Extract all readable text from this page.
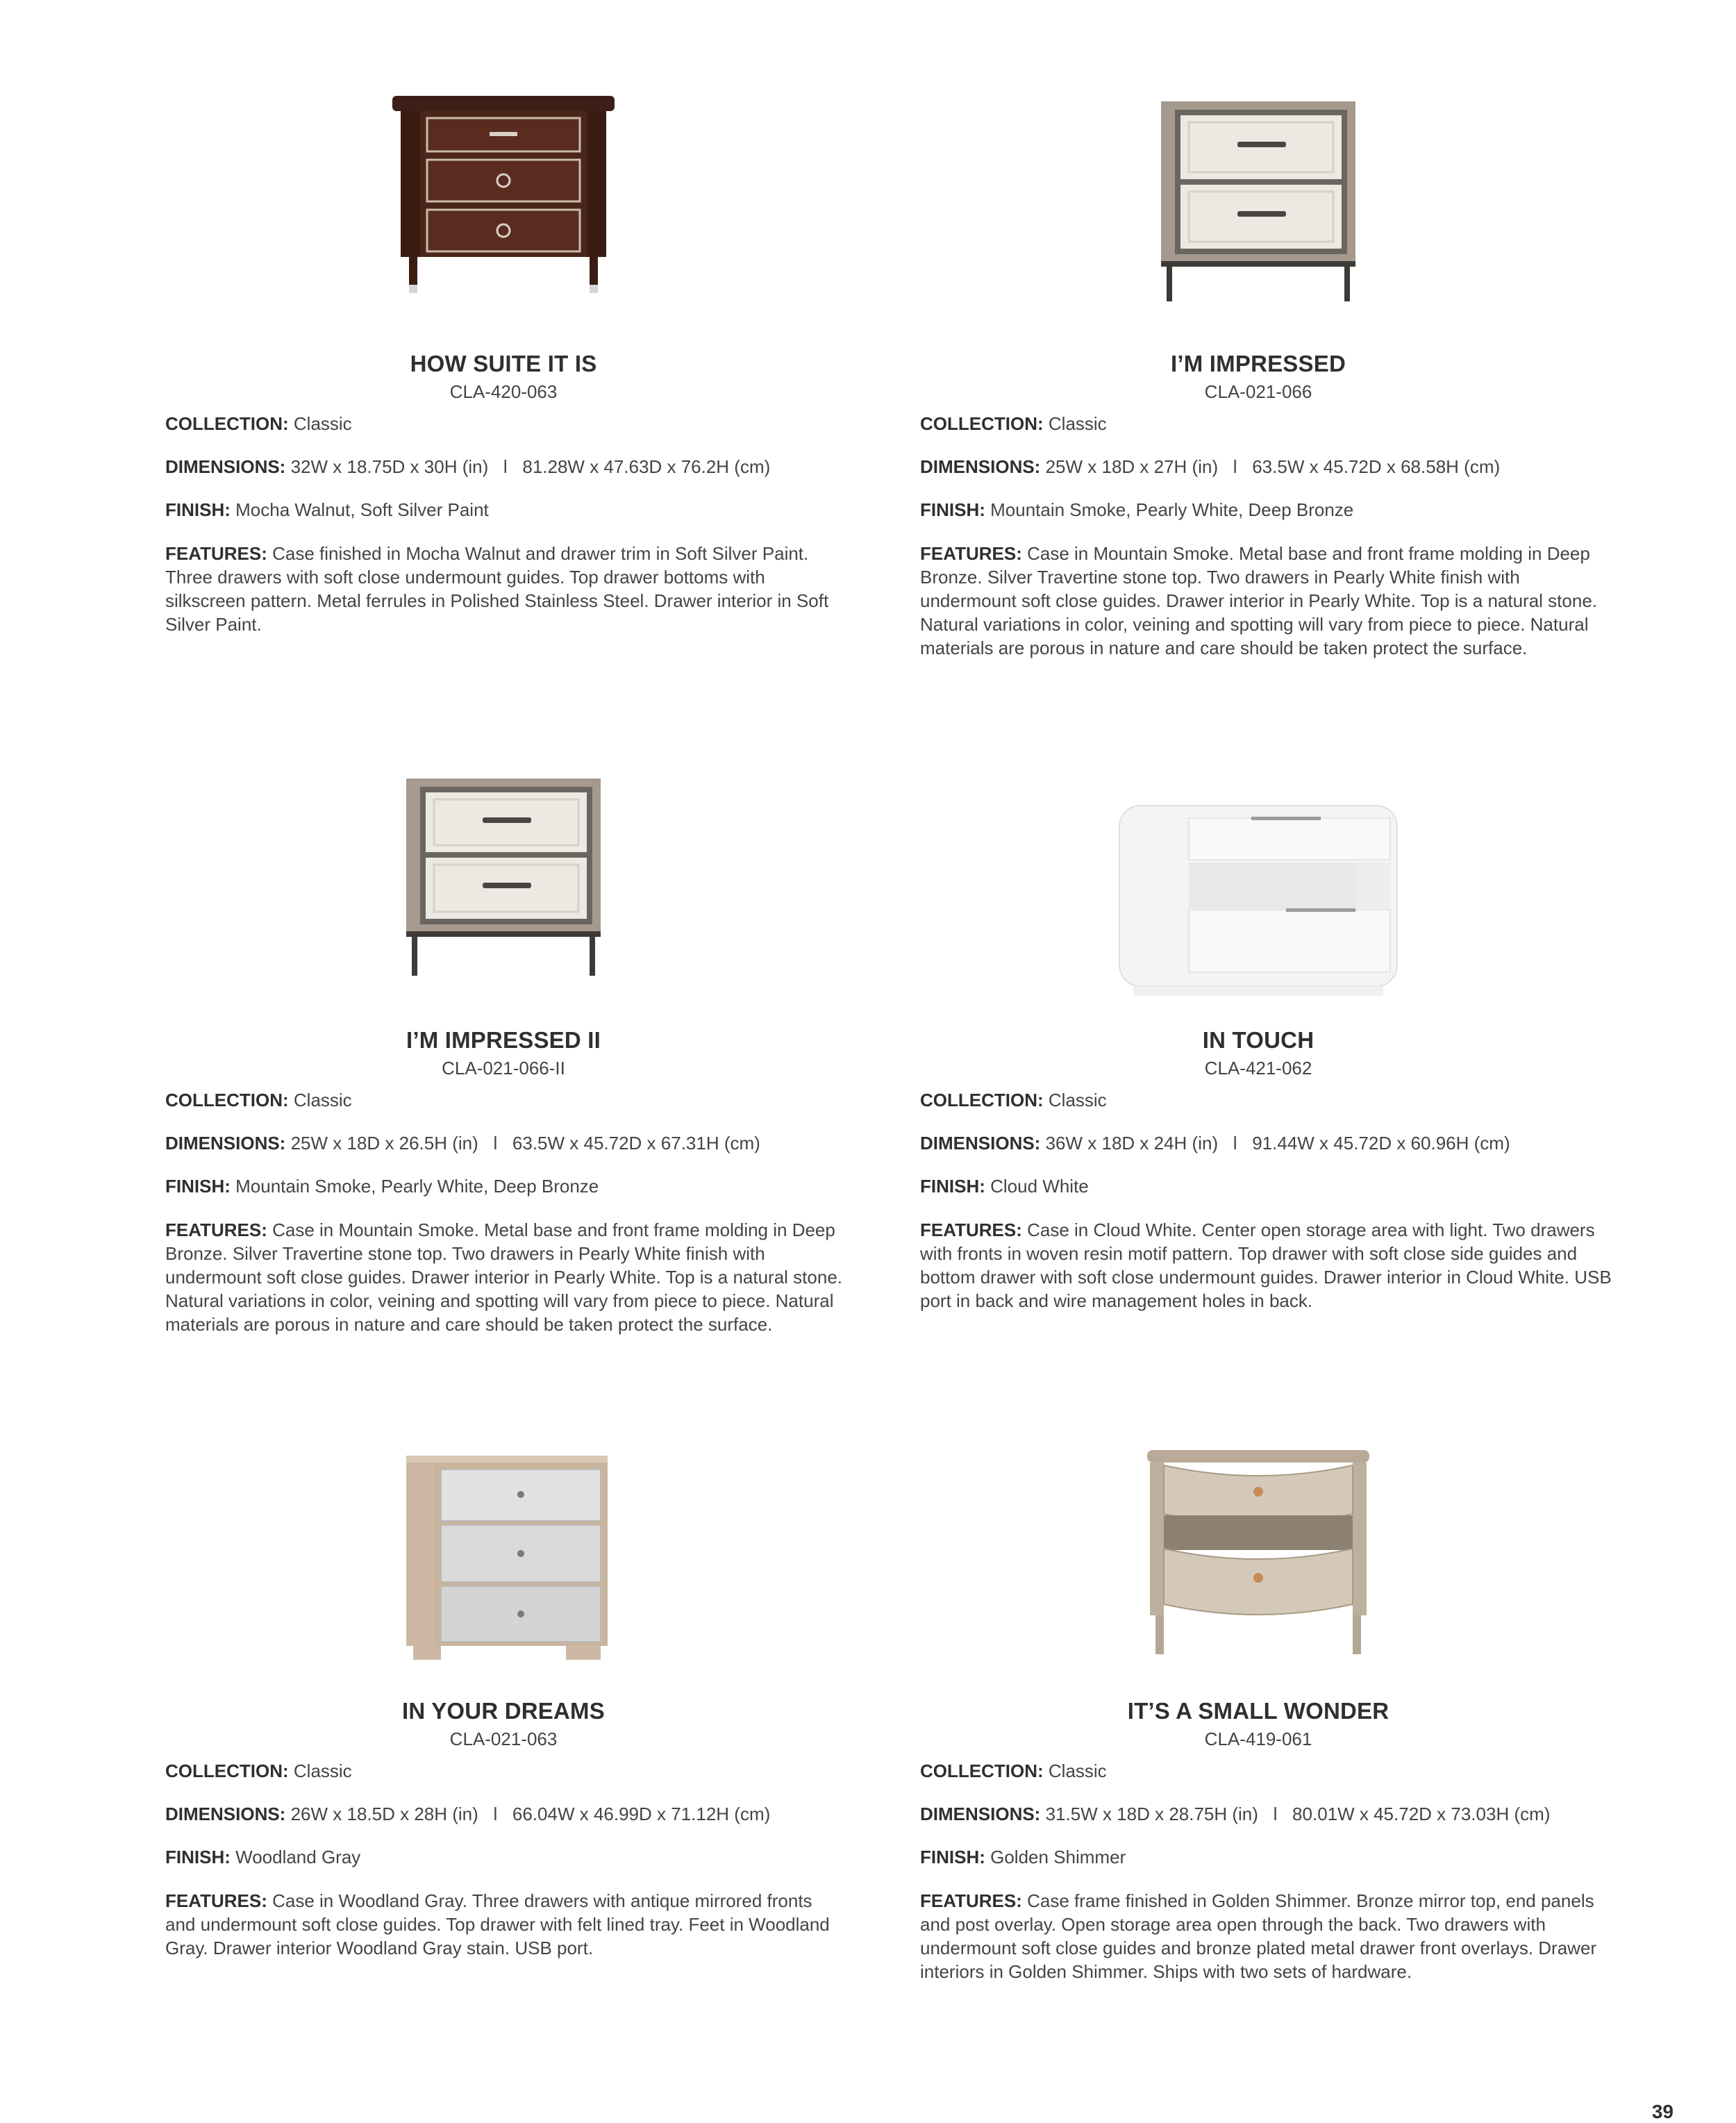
HOW SUITE IT IS
CLA-420-063
COLLECTION: Classic
DIMENSIONS: 32W x 18.75D x 30H (in)   l   81.28W x 47.63D x 76.2H (cm)
FINISH: Mocha Walnut, Soft Silver Paint
FEATURES: Case finished in Mocha Walnut and drawer trim in Soft Silver Paint. Three drawers with soft close undermount guides. Top drawer bottoms with silkscreen pattern. Metal ferrules in Polished Stainless Steel. Drawer interior in Soft Silver Paint.
I’M IMPRESSED
CLA-021-066
COLLECTION: Classic
DIMENSIONS: 25W x 18D x 27H (in)   l   63.5W x 45.72D x 68.58H (cm)
FINISH: Mountain Smoke, Pearly White, Deep Bronze
FEATURES: Case in Mountain Smoke. Metal base and front frame molding in Deep Bronze. Silver Travertine stone top. Two drawers in Pearly White finish with undermount soft close guides. Drawer interior in Pearly White. Top is a natural stone. Natural variations in color, veining and spotting will vary from piece to piece. Natural materials are porous in nature and care should be taken protect the surface.
I’M IMPRESSED II
CLA-021-066-II
COLLECTION: Classic
DIMENSIONS: 25W x 18D x 26.5H (in)   l   63.5W x 45.72D x 67.31H (cm)
FINISH: Mountain Smoke, Pearly White, Deep Bronze
FEATURES: Case in Mountain Smoke. Metal base and front frame molding in Deep Bronze. Silver Travertine stone top. Two drawers in Pearly White finish with undermount soft close guides. Drawer interior in Pearly White. Top is a natural stone. Natural variations in color, veining and spotting will vary from piece to piece. Natural materials are porous in nature and care should be taken protect the surface.
IN TOUCH
CLA-421-062
COLLECTION: Classic
DIMENSIONS: 36W x 18D x 24H (in)   l   91.44W x 45.72D x 60.96H (cm)
FINISH: Cloud White
FEATURES: Case in Cloud White. Center open storage area with light. Two drawers with fronts in woven resin motif pattern. Top drawer with soft close side guides and bottom drawer with soft close undermount guides. Drawer interior in Cloud White. USB port in back and wire management holes in back.
IN YOUR DREAMS
CLA-021-063
COLLECTION: Classic
DIMENSIONS: 26W x 18.5D x 28H (in)   l   66.04W x 46.99D x 71.12H (cm)
FINISH: Woodland Gray
FEATURES: Case in Woodland Gray. Three drawers with antique mirrored fronts and undermount soft close guides. Top drawer with felt lined tray. Feet in Woodland Gray. Drawer interior Woodland Gray stain. USB port.
IT’S A SMALL WONDER
CLA-419-061
COLLECTION: Classic
DIMENSIONS: 31.5W x 18D x 28.75H (in)   l   80.01W x 45.72D x 73.03H (cm)
FINISH: Golden Shimmer
FEATURES: Case frame finished in Golden Shimmer. Bronze mirror top, end panels and post overlay. Open storage area open through the back. Two drawers with undermount soft close guides and bronze plated metal drawer front overlays. Drawer interiors in Golden Shimmer. Ships with two sets of hardware.
39
